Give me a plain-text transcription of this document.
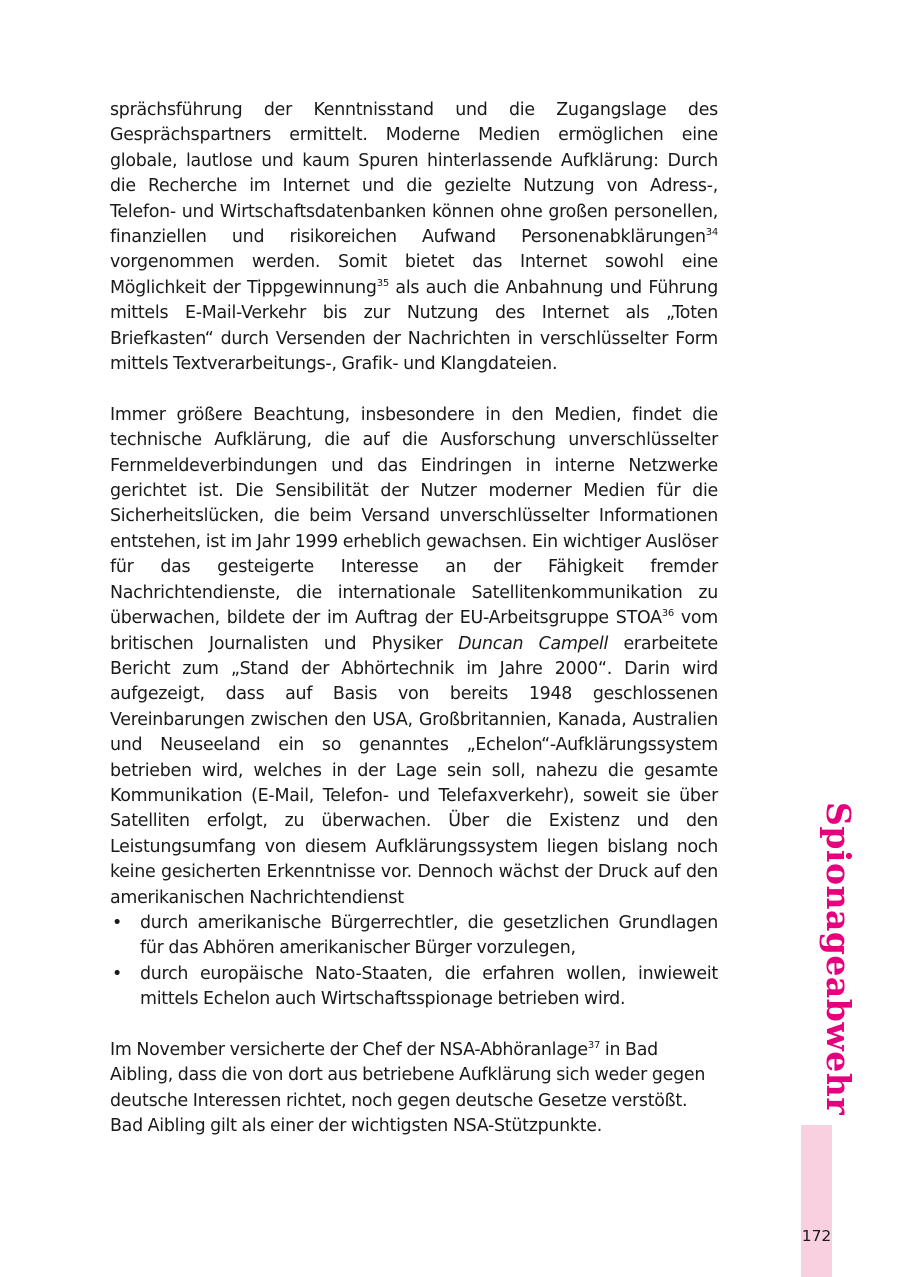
sprächsführung der Kenntnisstand und die Zugangslage des Gesprächspartners ermittelt. Moderne Medien ermöglichen eine globale, lautlose und kaum Spuren hinterlassende Aufklärung: Durch die Recherche im Internet und die gezielte Nutzung von Adress-, Telefon- und Wirtschaftsdatenbanken können ohne großen personellen, finanziellen und risikoreichen Aufwand Personenabklärungen$^{34}$ vorgenommen werden. Somit bietet das Internet sowohl eine Möglichkeit der Tippgewinnung$^{35}$ als auch die Anbahnung und Führung mittels E-Mail-Verkehr bis zur Nutzung des Internet als „Toten Briefkasten“ durch Versenden der Nachrichten in verschlüsselter Form mittels Textverarbeitungs-, Grafik- und Klangdateien.

Immer größere Beachtung, insbesondere in den Medien, findet die technische Aufklärung, die auf die Ausforschung unverschlüsselter Fernmeldeverbindungen und das Eindringen in interne Netzwerke gerichtet ist. Die Sensibilität der Nutzer moderner Medien für die Sicherheitslücken, die beim Versand unverschlüsselter Informationen entstehen, ist im Jahr 1999 erheblich gewachsen. Ein wichtiger Auslöser für das gesteigerte Interesse an der Fähigkeit fremder Nachrichtendienste, die internationale Satellitenkommunikation zu überwachen, bildete der im Auftrag der EU-Arbeitsgruppe STOA$^{36}$ vom britischen Journalisten und Physiker Duncan Campell erarbeitete Bericht zum „Stand der Abhörtechnik im Jahre 2000“. Darin wird aufgezeigt, dass auf Basis von bereits 1948 geschlossenen Vereinbarungen zwischen den USA, Großbritannien, Kanada, Australien und Neuseeland ein so genanntes „Echelon“-Aufklärungssystem betrieben wird, welches in der Lage sein soll, nahezu die gesamte Kommunikation (E-Mail, Telefon- und Telefaxverkehr), soweit sie über Satelliten erfolgt, zu überwachen. Über die Existenz und den Leistungsumfang von diesem Aufklärungssystem liegen bislang noch keine gesicherten Erkenntnisse vor. Dennoch wächst der Druck auf den amerikanischen Nachrichtendienst

• durch amerikanische Bürgerrechtler, die gesetzlichen Grundlagen für das Abhören amerikanischer Bürger vorzulegen,
• durch europäische Nato-Staaten, die erfahren wollen, inwieweit mittels Echelon auch Wirtschaftsspionage betrieben wird.

Im November versicherte der Chef der NSA-Abhöranlage$^{37}$ in Bad Aibling, dass die von dort aus betriebene Aufklärung sich weder gegen deutsche Interessen richtet, noch gegen deutsche Gesetze verstößt. Bad Aibling gilt als einer der wichtigsten NSA-Stützpunkte.

Spionageabwehr
172
